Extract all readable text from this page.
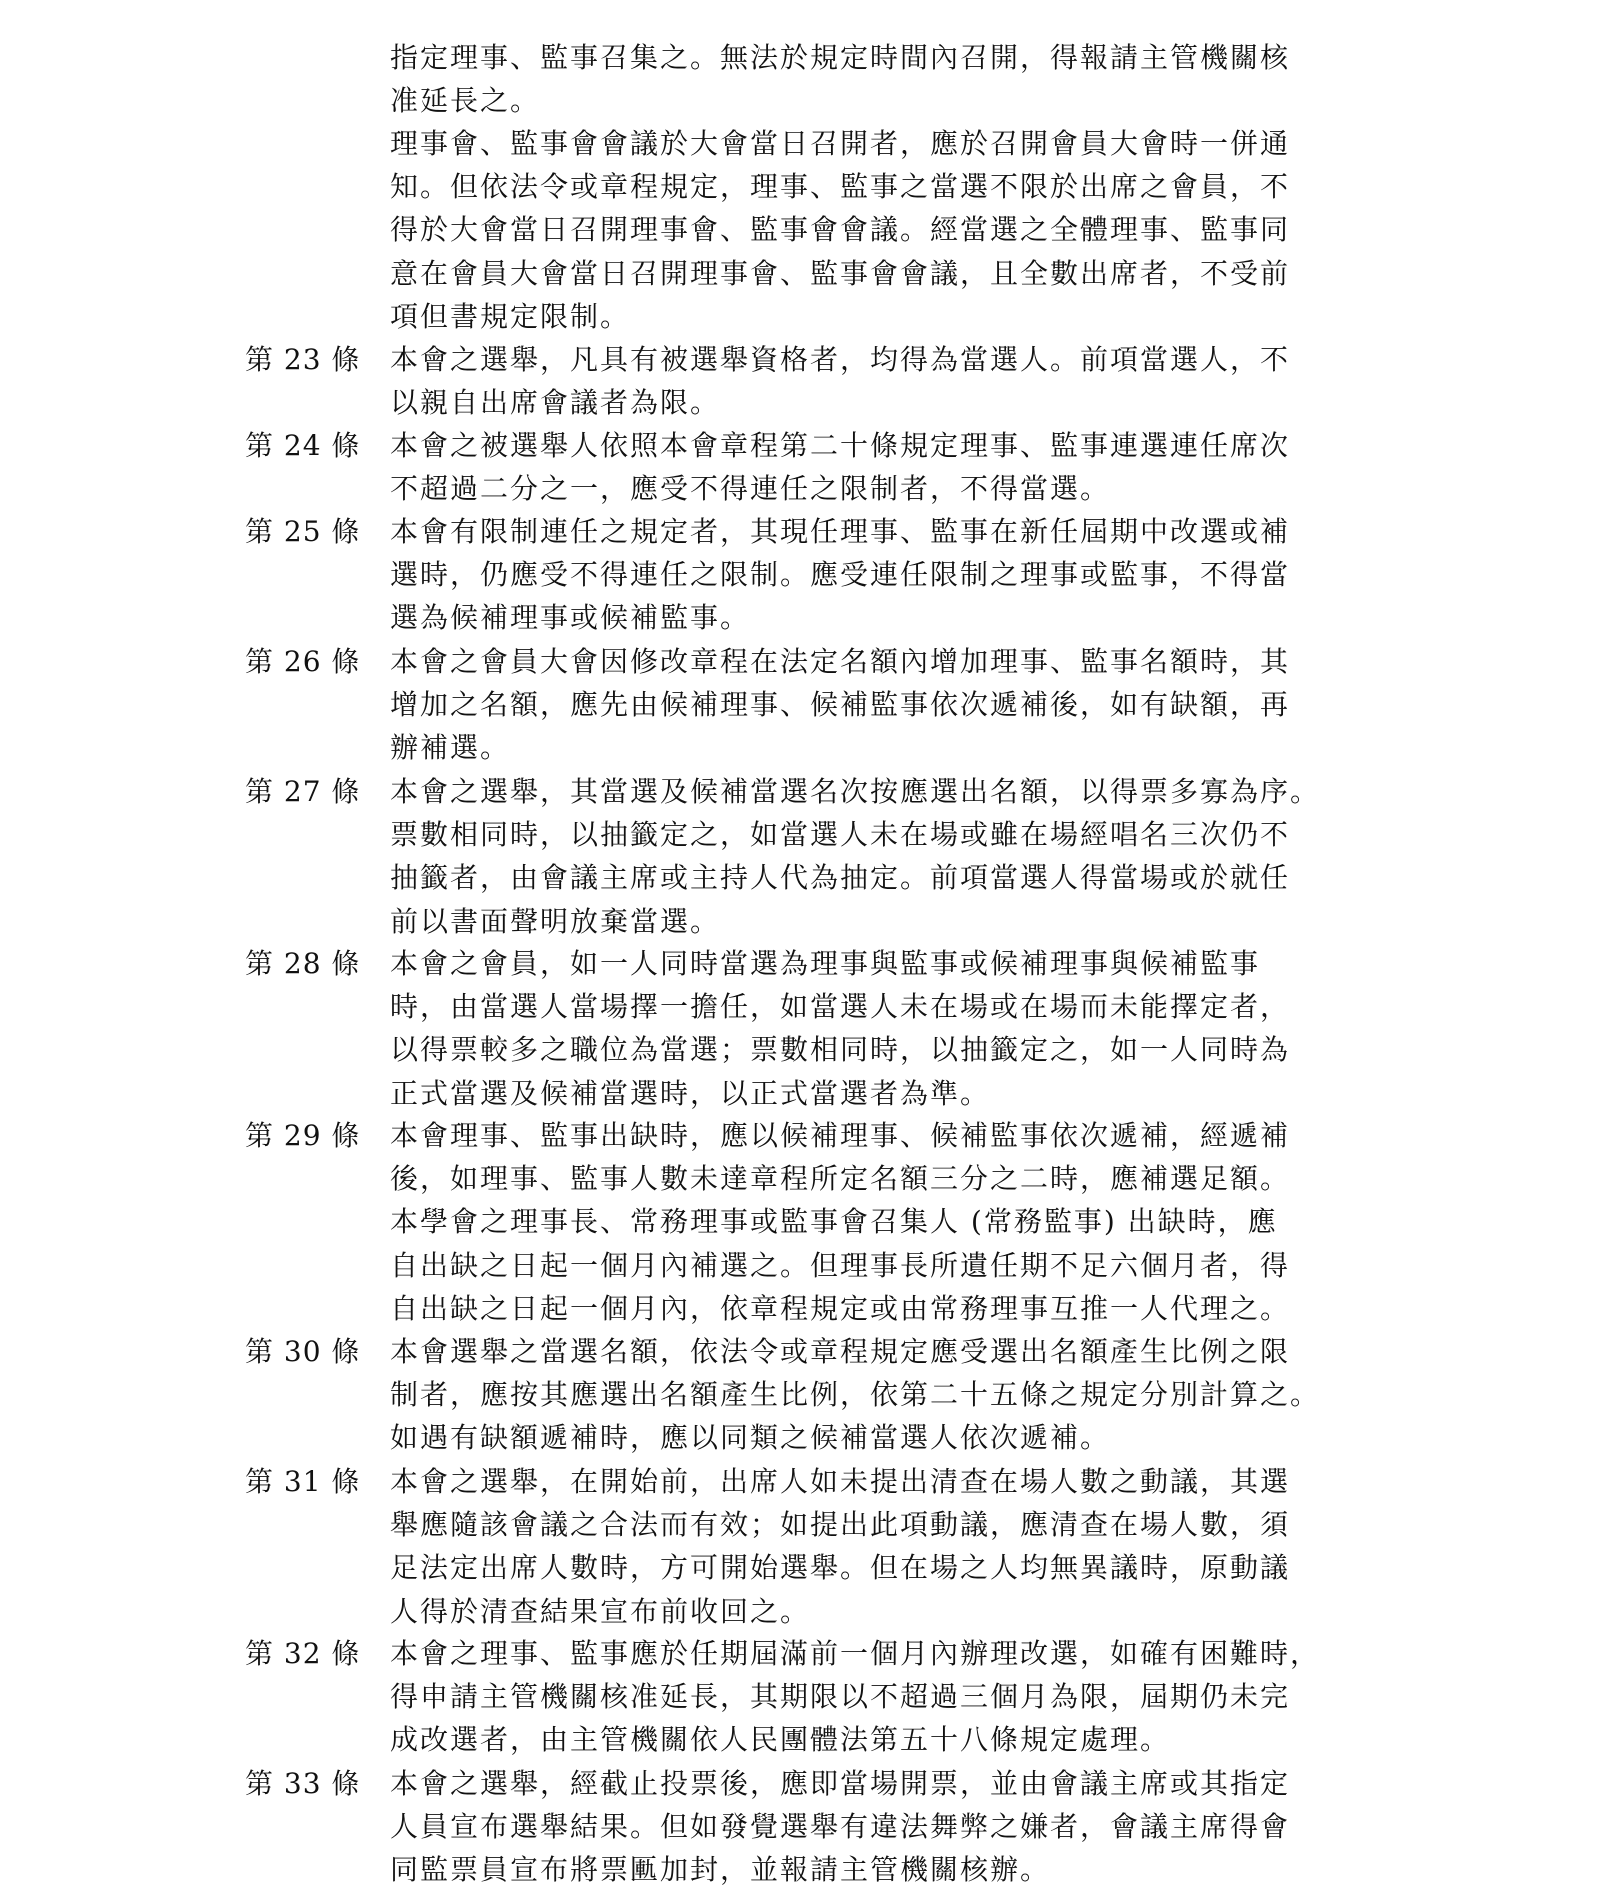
指定理事、監事召集之。無法於規定時間內召開，得報請主管機關核
准延長之。
理事會、監事會會議於大會當日召開者，應於召開會員大會時一併通
知。但依法令或章程規定，理事、監事之當選不限於出席之會員，不
得於大會當日召開理事會、監事會會議。經當選之全體理事、監事同
意在會員大會當日召開理事會、監事會會議，且全數出席者，不受前
項但書規定限制。
第 23 條	本會之選舉，凡具有被選舉資格者，均得為當選人。前項當選人，不
以親自出席會議者為限。
第 24 條	本會之被選舉人依照本會章程第二十條規定理事、監事連選連任席次
不超過二分之一，應受不得連任之限制者，不得當選。
第 25 條	本會有限制連任之規定者，其現任理事、監事在新任屆期中改選或補
選時，仍應受不得連任之限制。應受連任限制之理事或監事，不得當
選為候補理事或候補監事。
第 26 條	本會之會員大會因修改章程在法定名額內增加理事、監事名額時，其
增加之名額，應先由候補理事、候補監事依次遞補後，如有缺額，再
辦補選。
第 27 條	本會之選舉，其當選及候補當選名次按應選出名額，以得票多寡為序。
票數相同時，以抽籤定之，如當選人未在場或雖在場經唱名三次仍不
抽籤者，由會議主席或主持人代為抽定。前項當選人得當場或於就任
前以書面聲明放棄當選。
第 28 條	本會之會員，如一人同時當選為理事與監事或候補理事與候補監事
時，由當選人當場擇一擔任，如當選人未在場或在場而未能擇定者，
以得票較多之職位為當選；票數相同時，以抽籤定之，如一人同時為
正式當選及候補當選時，以正式當選者為準。
第 29 條	本會理事、監事出缺時，應以候補理事、候補監事依次遞補，經遞補
後，如理事、監事人數未達章程所定名額三分之二時，應補選足額。
本學會之理事長、常務理事或監事會召集人 (常務監事) 出缺時，應
自出缺之日起一個月內補選之。但理事長所遺任期不足六個月者，得
自出缺之日起一個月內，依章程規定或由常務理事互推一人代理之。
第 30 條	本會選舉之當選名額，依法令或章程規定應受選出名額產生比例之限
制者，應按其應選出名額產生比例，依第二十五條之規定分別計算之。
如遇有缺額遞補時，應以同類之候補當選人依次遞補。
第 31 條	本會之選舉，在開始前，出席人如未提出清查在場人數之動議，其選
舉應隨該會議之合法而有效；如提出此項動議，應清查在場人數，須
足法定出席人數時，方可開始選舉。但在場之人均無異議時，原動議
人得於清查結果宣布前收回之。
第 32 條	本會之理事、監事應於任期屆滿前一個月內辦理改選，如確有困難時，
得申請主管機關核准延長，其期限以不超過三個月為限，屆期仍未完
成改選者，由主管機關依人民團體法第五十八條規定處理。
第 33 條	本會之選舉，經截止投票後，應即當場開票，並由會議主席或其指定
人員宣布選舉結果。但如發覺選舉有違法舞弊之嫌者，會議主席得會
同監票員宣布將票匭加封，並報請主管機關核辦。
